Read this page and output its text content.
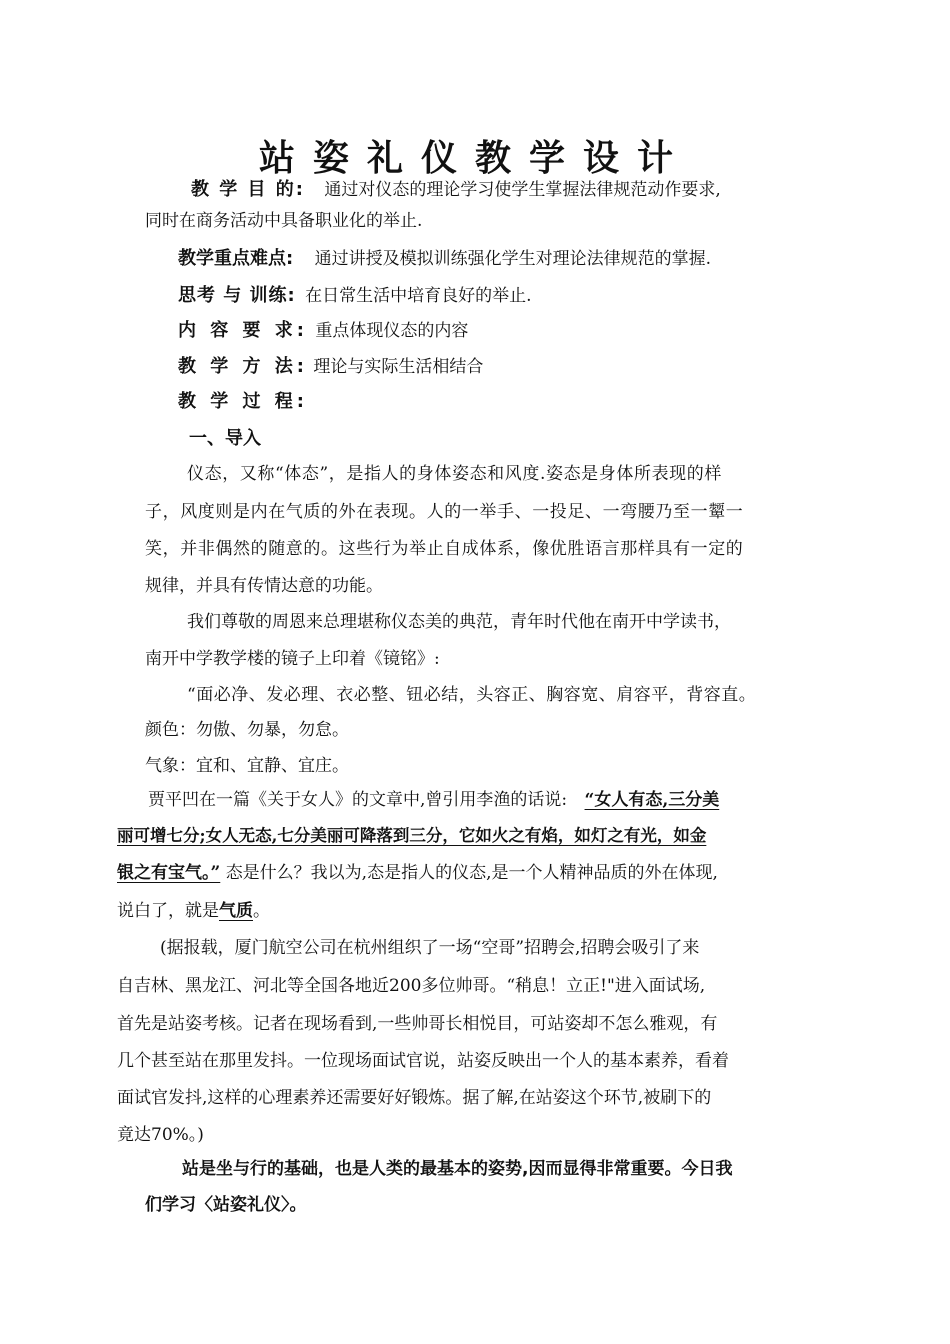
站姿礼仪教学设计
教 学 目 的: 通过对仪态的理论学习使学生掌握法律规范动作要求,
同时在商务活动中具备职业化的举止.
教学重点难点: 通过讲授及模拟训练强化学生对理论法律规范的掌握.
思考 与 训练: 在日常生活中培育良好的举止.
内 容 要 求: 重点体现仪态的内容
教 学 方 法: 理论与实际生活相结合
教 学 过 程:
一、导入
仪态，又称“体态”，是指人的身体姿态和风度.姿态是身体所表现的样
子，风度则是内在气质的外在表现。人的一举手、一投足、一弯腰乃至一颦一
笑，并非偶然的随意的。这些行为举止自成体系，像优胜语言那样具有一定的
规律，并具有传情达意的功能。
我们尊敬的周恩来总理堪称仪态美的典范，青年时代他在南开中学读书，
南开中学教学楼的镜子上印着《镜铭》:
“面必净、发必理、衣必整、钮必结，头容正、胸容宽、肩容平，背容直。
颜色：勿傲、勿暴，勿怠。
气象：宜和、宜静、宜庄。
贾平凹在一篇《关于女人》的文章中,曾引用李渔的话说: “女人有态,三分美
丽可增七分;女人无态,七分美丽可降落到三分，它如火之有焰，如灯之有光，如金
银之有宝气。” 态是什么？我以为,态是指人的仪态,是一个人精神品质的外在体现,
说白了，就是气质。
(据报载，厦门航空公司在杭州组织了一场“空哥”招聘会,招聘会吸引了来
自吉林、黑龙江、河北等全国各地近200多位帅哥。“稍息！立正!"进入面试场,
首先是站姿考核。记者在现场看到,一些帅哥长相悦目，可站姿却不怎么雅观，有
几个甚至站在那里发抖。一位现场面试官说，站姿反映出一个人的基本素养，看着
面试官发抖,这样的心理素养还需要好好锻炼。据了解,在站姿这个环节,被刷下的
竟达70%。)
站是坐与行的基础，也是人类的最基本的姿势,因而显得非常重要。今日我
们学习〈站姿礼仪〉。
